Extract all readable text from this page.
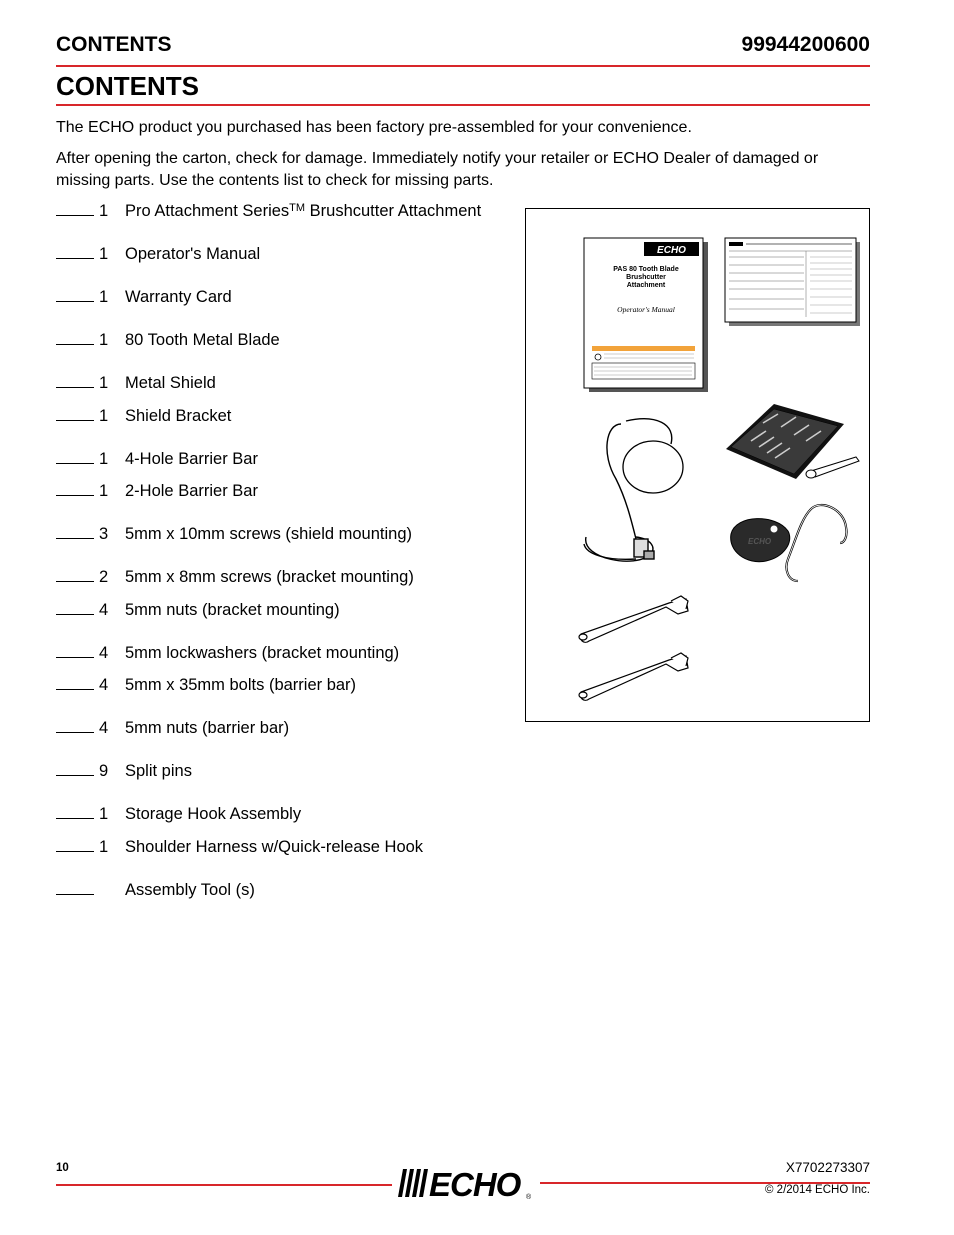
CONTENTS	99944200600
CONTENTS

The ECHO product you purchased has been factory pre-assembled for your convenience.

After opening the carton, check for damage. Immediately notify your retailer or ECHO Dealer of damaged or missing parts. Use the contents list to check for missing parts.

1 Pro Attachment Series™ Brushcutter Attachment
1 Operator's Manual
1 Warranty Card
1 80 Tooth Metal Blade
1 Metal Shield
1 Shield Bracket
1 4-Hole Barrier Bar
1 2-Hole Barrier Bar
3 5mm x 10mm screws (shield mounting)
2 5mm x 8mm screws (bracket mounting)
4 5mm nuts (bracket mounting)
4 5mm lockwashers (bracket mounting)
4 5mm x 35mm bolts (barrier bar)
4 5mm nuts (barrier bar)
9 Split pins
1 Storage Hook Assembly
1 Shoulder Harness w/Quick-release Hook
Assembly Tool (s)
ECHO
PAS 80 Tooth Blade
Brushcutter
Attachment
Operator's Manual
ECHO
10	X7702273307
© 2/2014 ECHO Inc.
ECHO ®
